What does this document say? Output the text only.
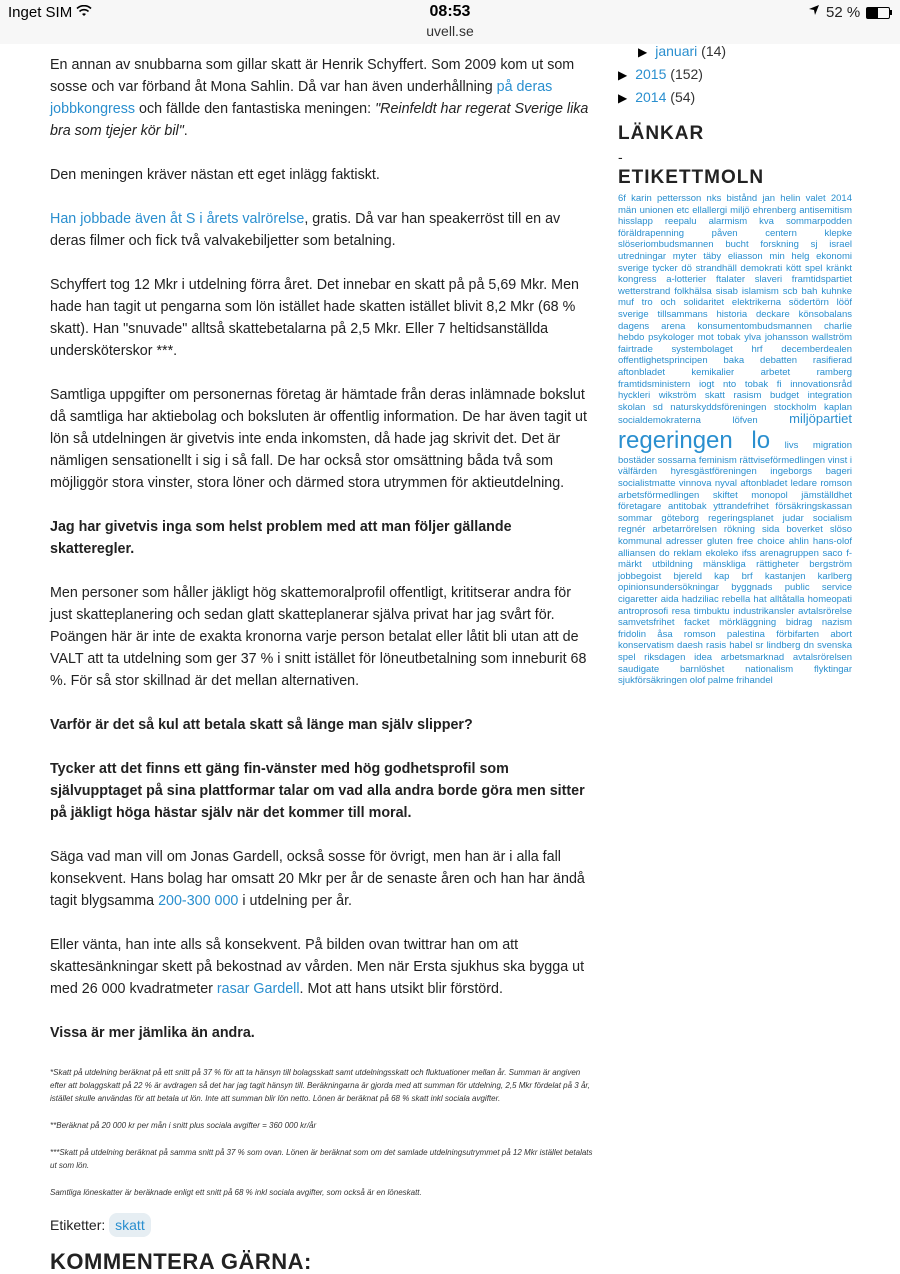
Inget SIM	08:53
uvell.se
52 %

En annan av snubbarna som gillar skatt är Henrik Schyffert. Som 2009 kom ut som sosse och var förband åt Mona Sahlin. Då var han även underhållning på deras jobbkongress och fällde den fantastiska meningen: "Reinfeldt har regerat Sverige lika bra som tjejer kör bil".

Den meningen kräver nästan ett eget inlägg faktiskt.

Han jobbade även åt S i årets valrörelse, gratis. Då var han speakerröst till en av deras filmer och fick två valvakebiljetter som betalning.

Schyffert tog 12 Mkr i utdelning förra året. Det innebar en skatt på på 5,69 Mkr. Men hade han tagit ut pengarna som lön istället hade skatten istället blivit 8,2 Mkr (68 % skatt). Han "snuvade" alltså skattebetalarna på 2,5 Mkr. Eller 7 heltidsanställda undersköterskor ***.

Samtliga uppgifter om personernas företag är hämtade från deras inlämnade bokslut då samtliga har aktiebolag och boksluten är offentlig information. De har även tagit ut lön så utdelningen är givetvis inte enda inkomsten, då hade jag skrivit det. Det är nämligen sensationellt i sig i så fall. De har också stor omsättning båda två som möjliggör stora vinster, stora löner och därmed stora utrymmen för aktieutdelning.

Jag har givetvis inga som helst problem med att man följer gällande skatteregler.

Men personer som håller jäkligt hög skattemoralprofil offentligt, krititserar andra för just skatteplanering och sedan glatt skatteplanerar själva privat har jag svårt för. Poängen här är inte de exakta kronorna varje person betalat eller låtit bli utan att de VALT att ta utdelning som ger 37 % i snitt istället för löneutbetalning som inneburit 68 %. För så stor skillnad är det mellan alternativen.

Varför är det så kul att betala skatt så länge man själv slipper?

Tycker att det finns ett gäng fin-vänster med hög godhetsprofil som självupptaget på sina plattformar talar om vad alla andra borde göra men sitter på jäkligt höga hästar själv när det kommer till moral.

Säga vad man vill om Jonas Gardell, också sosse för övrigt, men han är i alla fall konsekvent. Hans bolag har omsatt 20 Mkr per år de senaste åren och han har ändå tagit blygsamma 200-300 000 i utdelning per år.

Eller vänta, han inte alls så konsekvent. På bilden ovan twittrar han om att skattesänkningar skett på bekostnad av vården. Men när Ersta sjukhus ska bygga ut med 26 000 kvadratmeter rasar Gardell. Mot att hans utsikt blir förstörd.

Vissa är mer jämlika än andra.

*Skatt på utdelning beräknat på ett snitt på 37 % för att ta hänsyn till bolagsskatt samt utdelningsskatt och fluktuationer mellan år. Summan är angiven efter att bolaggskatt på 22 % är avdragen så det har jag tagit hänsyn till. Beräkningarna är gjorda med att summan för utdelning, 2,5 Mkr fördelat på 3 år, istället skulle användas för att betala ut lön. Inte att summan blir lön netto. Lönen är beräknat på 68 % skatt inkl sociala avgifter.

**Beräknat på 20 000 kr per mån i snitt plus sociala avgifter = 360 000 kr/år

***Skatt på utdelning beräknat på samma snitt på 37 % som ovan. Lönen är beräknat som om det samlade utdelningsutrymmet på 12 Mkr istället betalats ut som lön.

Samtliga löneskatter är beräknade enligt ett snitt på 68 % inkl sociala avgifter, som också är en löneskatt.

Etiketter: skatt
KOMMENTERA GÄRNA:
▶ januari (14)
▶ 2015 (152)
▶ 2014 (54)
LÄNKAR
-
ETIKETTMOLN
6f karin pettersson nks bistånd jan helin valet 2014 män unionen etc ellallergi miljö ehrenberg antisemitism hisslapp reepalu alarmism kva sommarpodden föräldrapenning påven centern klepke slöseriombudsmannen bucht forskning sj israel utredningar myter täby eliasson min helg ekonomi sverige tycker dö strandhäll demokrati kött spel kränkt kongress a-lotterier ftalater slaveri framtidspartiet wetterstrand folkhälsa sisab islamism scb bah kuhnke muf tro och solidaritet elektrikerna södertörn lööf sverige tillsammans historia deckare könsobalans dagens arena konsumentombudsmannen charlie hebdo psykologer mot tobak ylva johansson wallström fairtrade systembolaget hrf decemberdealen offentlighetsprincipen baka debatten rasifierad aftonbladet kemikalier arbetet ramberg framtidsministern iogt nto tobak fi innovationsråd hyckleri wikström skatt rasism budget integration skolan sd naturskyddsföreningen stockholm kaplan socialdemokraterna löfven miljöpartiet regeringen lo livs migration bostäder sossarna feminism rättviseförmedlingen vinst i välfärden hyresgästföreningen ingeborgs bageri socialistmatte vinnova nyval aftonbladet ledare romson arbetsförmedlingen skiftet monopol jämställdhet företagare antitobak yttrandefrihet försäkringskassan sommar göteborg regeringsplanet judar socialism regnér arbetarrörelsen rökning sida boverket slöso kommunal adresser gluten free choice ahlin hans-olof alliansen do reklam ekoleko ifss arenagruppen saco f-märkt utbildning mänskliga rättigheter bergström jobbegoist bjereld kap brf kastanjen karlberg opinionsundersökningar byggnads public service cigaretter aida hadziliac rebella hat alltåtalla homeopati antroprosofi resa timbuktu industrikansler avtalsrörelse samvetsfrihet facket mörkläggning bidrag nazism fridolin åsa romson palestina förbifarten abort konservatism daesh rasis habel sr lindberg dn svenska spel riksdagen idea arbetsmarknad avtalsrörelsen saudigate barnlöshet nationalism flyktingar sjukförsäkringen olof palme frihandel
